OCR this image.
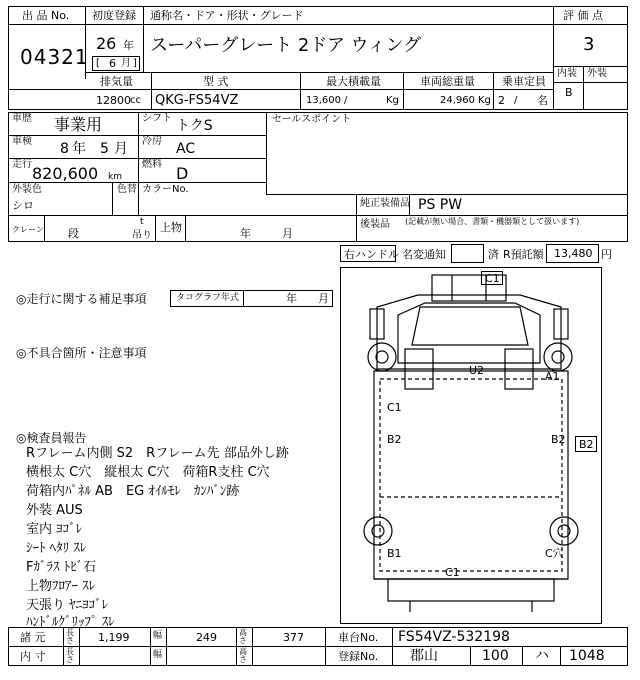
出 品 No.
04321
初度登録 通称名・ドア・形状・グレード
26 年
[ 6 月 ]
スーパーグレート 2ドア ウィング
評 価 点
3
内装 外装
B
排気量	型 式	最大積載量	車両総重量 乗車定員
12800 cc QKG-FS54VZ	13,600 /	Kg	24,960 Kg 2 / 名
車歴 事業用	シフト トクS
車検 8 年 5 月 冷房 AC
走行 820,600 km
燃料 D
外装色
シロ
色替 カラーNo.
セールスポイント
純正装備品 PS PW
後装品 (記載が無い場合、書類・機器類として扱います)
クレーン 段
t
吊り
上物	年	月
右ハンドル 名変通知	済 R預託額 13,480 円
◎走行に関する補足事項	タコグラフ年式	年 月
◎不具合箇所・注意事項
◎検査員報告
Rフレーム内側 S2　Rフレーム先 部品外し跡
横根太 C穴　縦根太 C穴　荷箱R支柱 C穴
荷箱内ﾊﾟﾈﾙ AB　EG ｵｲﾙﾓﾚ　ｶﾝﾊﾞﾝ跡
外装 AUS
室内 ﾖｺﾞﾚ
ｼｰﾄ ﾍﾀﾘ ｽﾚ
Fｶﾞﾗｽ ﾄﾋﾞ石
上物ﾌﾛｱｰ ｽﾚ
天張り ﾔﾆﾖｺﾞﾚ
ﾊﾝﾄﾞﾙｸﾞﾘｯﾌﾟ ｽﾚ
C1
U2	A1
C1
B2	B2 B2
B1	C穴
C1
諸 元	長さ 1,199	幅	249	高さ	377	車台No. FS54VZ-532198
内 寸	長さ	幅	高さ	登録No. 郡山	100 ハ 1048
